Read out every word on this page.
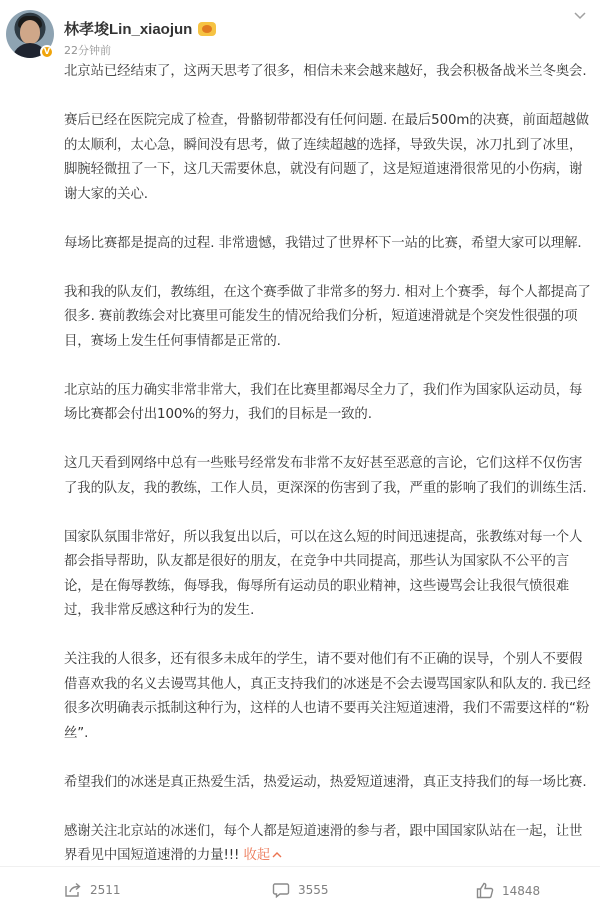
V
林孝埈Lin_xiaojun
22分钟前

北京站已经结束了，这两天思考了很多，相信未来会越来越好，我会积极备战米兰冬奥会.

赛后已经在医院完成了检查，骨骼韧带都没有任何问题. 在最后500m的决赛，前面超越做的太顺利，太心急，瞬间没有思考，做了连续超越的选择，导致失误，冰刀扎到了冰里，脚腕轻微扭了一下，这几天需要休息，就没有问题了，这是短道速滑很常见的小伤病，谢谢大家的关心.

每场比赛都是提高的过程. 非常遗憾，我错过了世界杯下一站的比赛，希望大家可以理解.

我和我的队友们，教练组，在这个赛季做了非常多的努力. 相对上个赛季，每个人都提高了很多. 赛前教练会对比赛里可能发生的情况给我们分析，短道速滑就是个突发性很强的项目，赛场上发生任何事情都是正常的.

北京站的压力确实非常非常大，我们在比赛里都竭尽全力了，我们作为国家队运动员，每场比赛都会付出100%的努力，我们的目标是一致的.

这几天看到网络中总有一些账号经常发布非常不友好甚至恶意的言论，它们这样不仅伤害了我的队友，我的教练，工作人员，更深深的伤害到了我，严重的影响了我们的训练生活.

国家队氛围非常好，所以我复出以后，可以在这么短的时间迅速提高，张教练对每一个人都会指导帮助，队友都是很好的朋友，在竞争中共同提高，那些认为国家队不公平的言论，是在侮辱教练，侮辱我，侮辱所有运动员的职业精神，这些谩骂会让我很气愤很难过，我非常反感这种行为的发生.

关注我的人很多，还有很多未成年的学生，请不要对他们有不正确的误导，个别人不要假借喜欢我的名义去谩骂其他人，真正支持我们的冰迷是不会去谩骂国家队和队友的. 我已经很多次明确表示抵制这种行为，这样的人也请不要再关注短道速滑，我们不需要这样的“粉丝”.

希望我们的冰迷是真正热爱生活，热爱运动，热爱短道速滑，真正支持我们的每一场比赛.

感谢关注北京站的冰迷们，每个人都是短道速滑的参与者，跟中国国家队站在一起，让世界看见中国短道速滑的力量!!! 收起

2511	3555	14848
